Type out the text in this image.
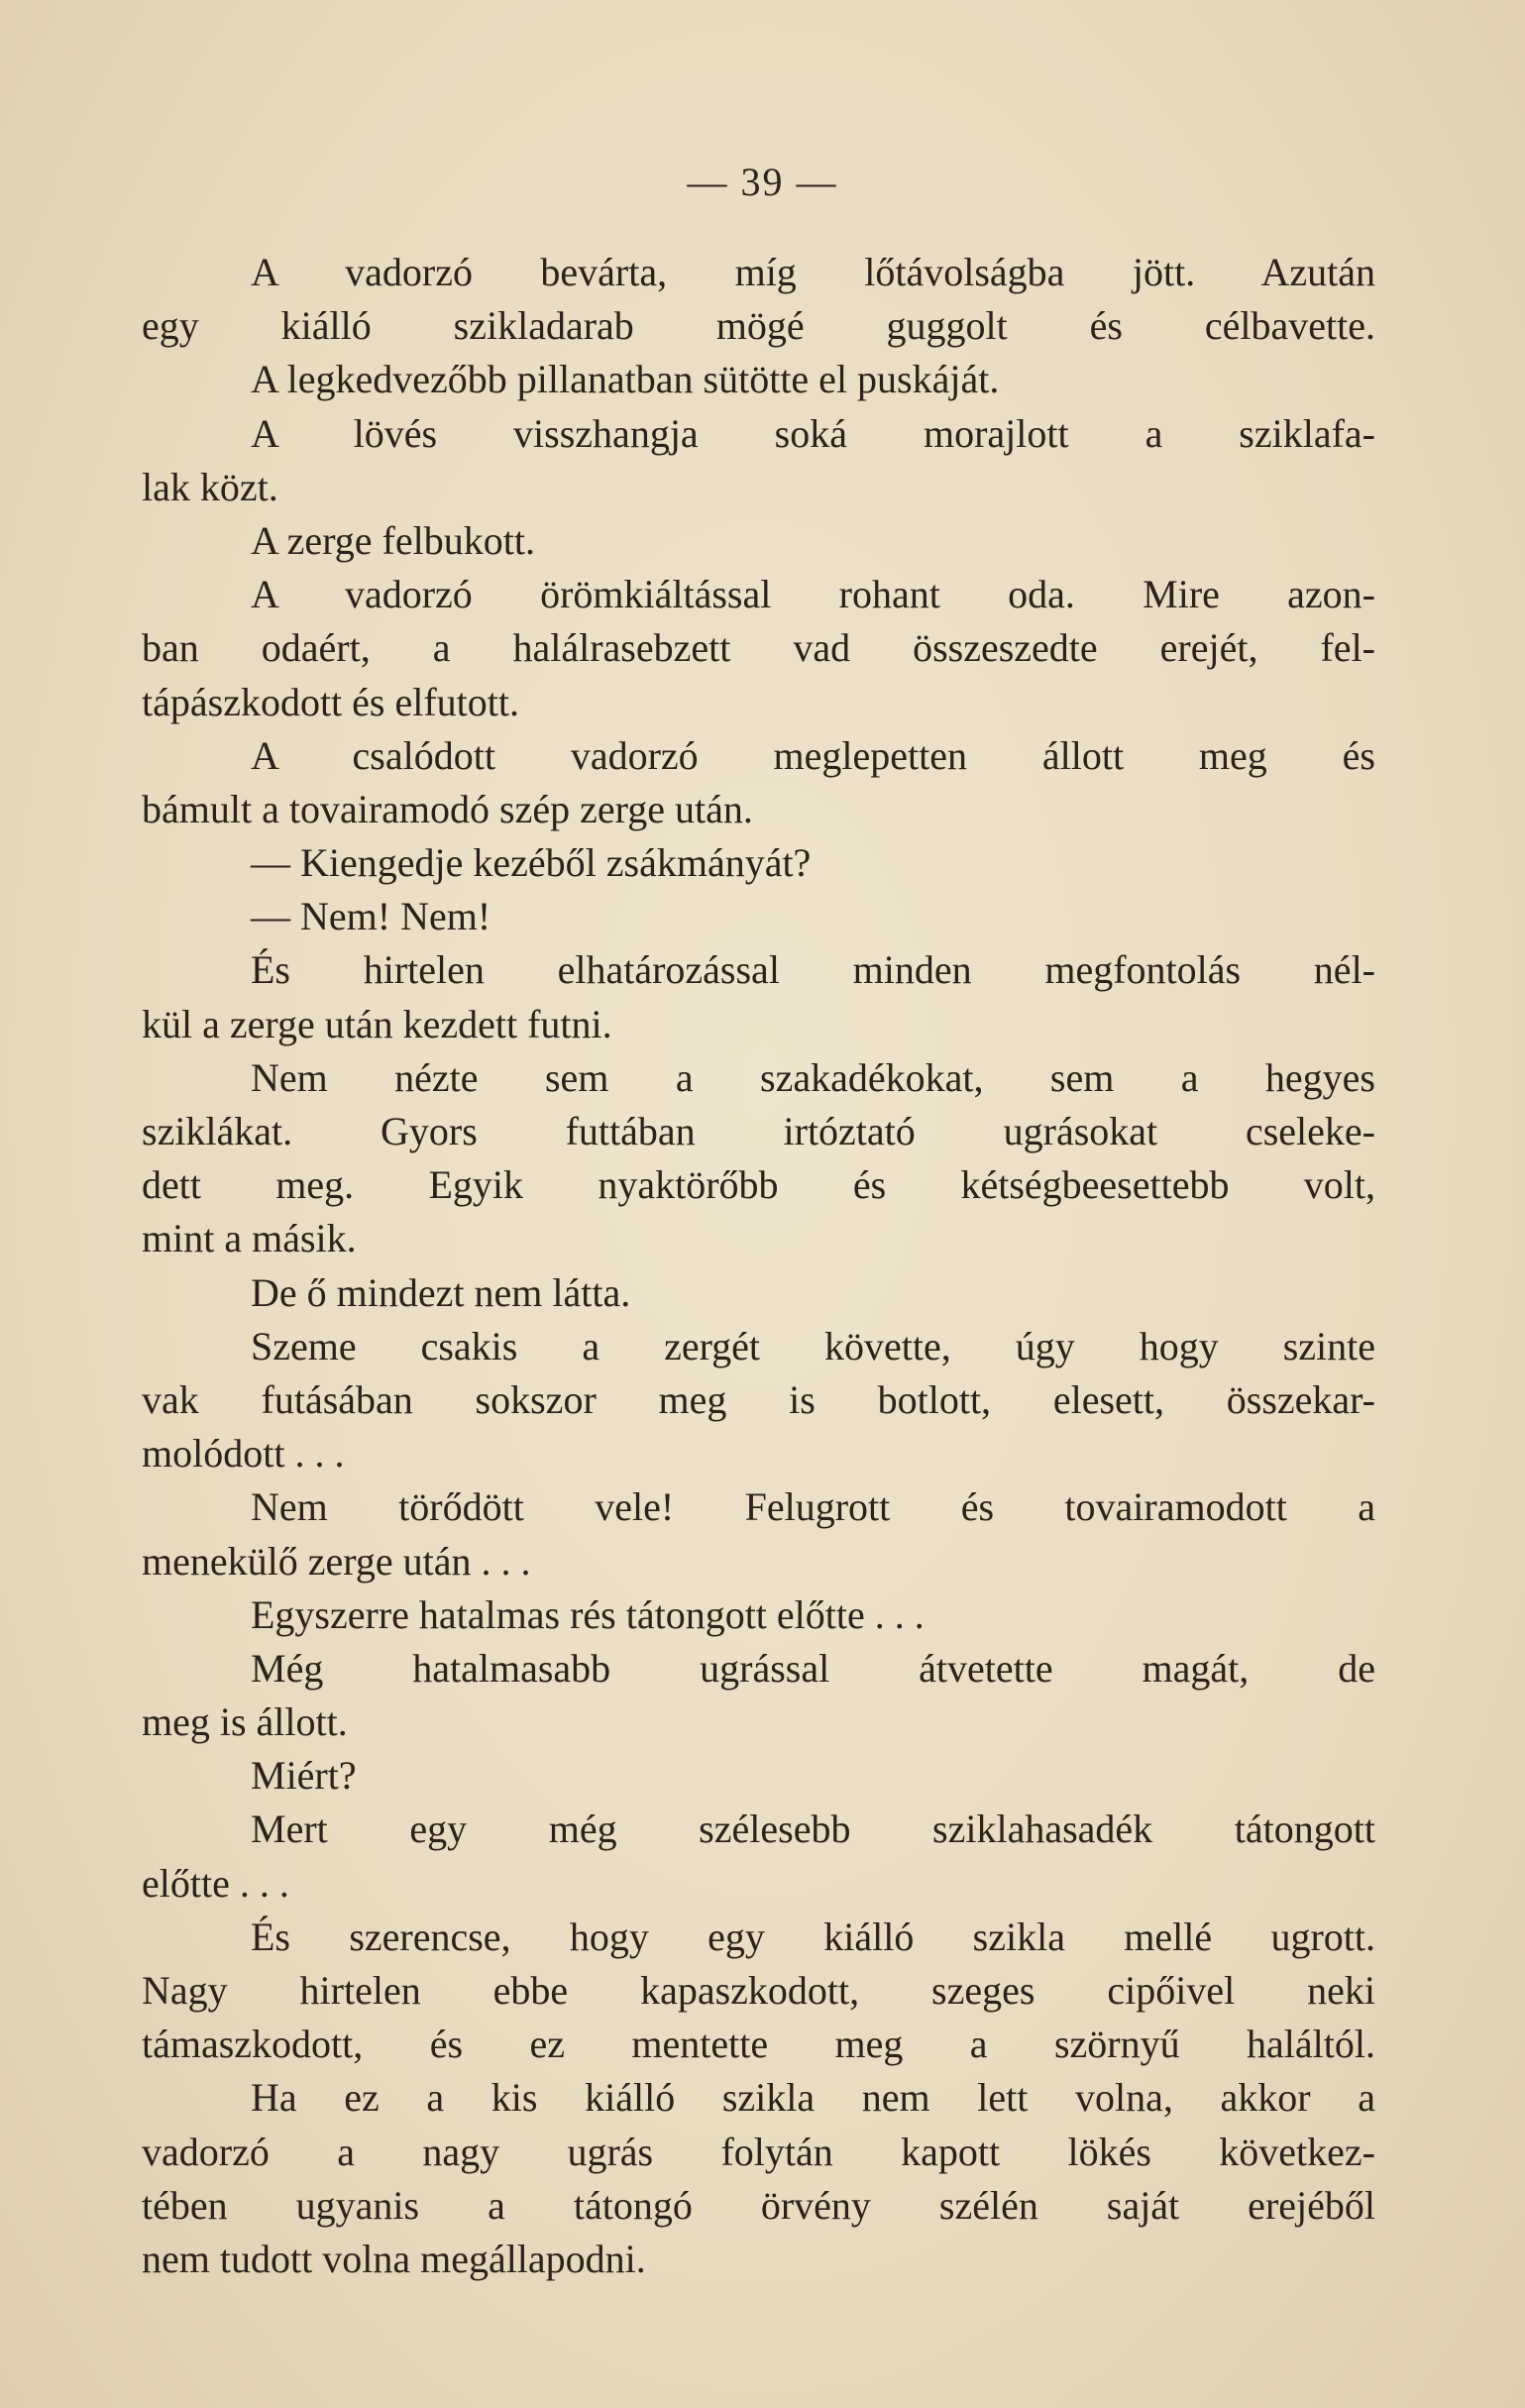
— 39 —
A vadorzó bevárta, míg lőtávolságba jött. Azután
egy kiálló szikladarab mögé guggolt és célbavette.
A legkedvezőbb pillanatban sütötte el puskáját.
A lövés visszhangja soká morajlott a sziklafa-
lak közt.
A zerge felbukott.
A vadorzó örömkiáltással rohant oda. Mire azon-
ban odaért, a halálrasebzett vad összeszedte erejét, fel-
tápászkodott és elfutott.
A csalódott vadorzó meglepetten állott meg és
bámult a tovairamodó szép zerge után.
— Kiengedje kezéből zsákmányát?
— Nem! Nem!
És hirtelen elhatározással minden megfontolás nél-
kül a zerge után kezdett futni.
Nem nézte sem a szakadékokat, sem a hegyes
sziklákat. Gyors futtában irtóztató ugrásokat cseleke-
dett meg. Egyik nyaktörőbb és kétségbeesettebb volt,
mint a másik.
De ő mindezt nem látta.
Szeme csakis a zergét követte, úgy hogy szinte
vak futásában sokszor meg is botlott, elesett, összekar-
molódott . . .
Nem törődött vele! Felugrott és tovairamodott a
menekülő zerge után . . .
Egyszerre hatalmas rés tátongott előtte . . .
Még hatalmasabb ugrással átvetette magát, de
meg is állott.
Miért?
Mert egy még szélesebb sziklahasadék tátongott
előtte . . .
És szerencse, hogy egy kiálló szikla mellé ugrott.
Nagy hirtelen ebbe kapaszkodott, szeges cipőivel neki
támaszkodott, és ez mentette meg a szörnyű haláltól.
Ha ez a kis kiálló szikla nem lett volna, akkor a
vadorzó a nagy ugrás folytán kapott lökés következ-
tében ugyanis a tátongó örvény szélén saját erejéből
nem tudott volna megállapodni.
